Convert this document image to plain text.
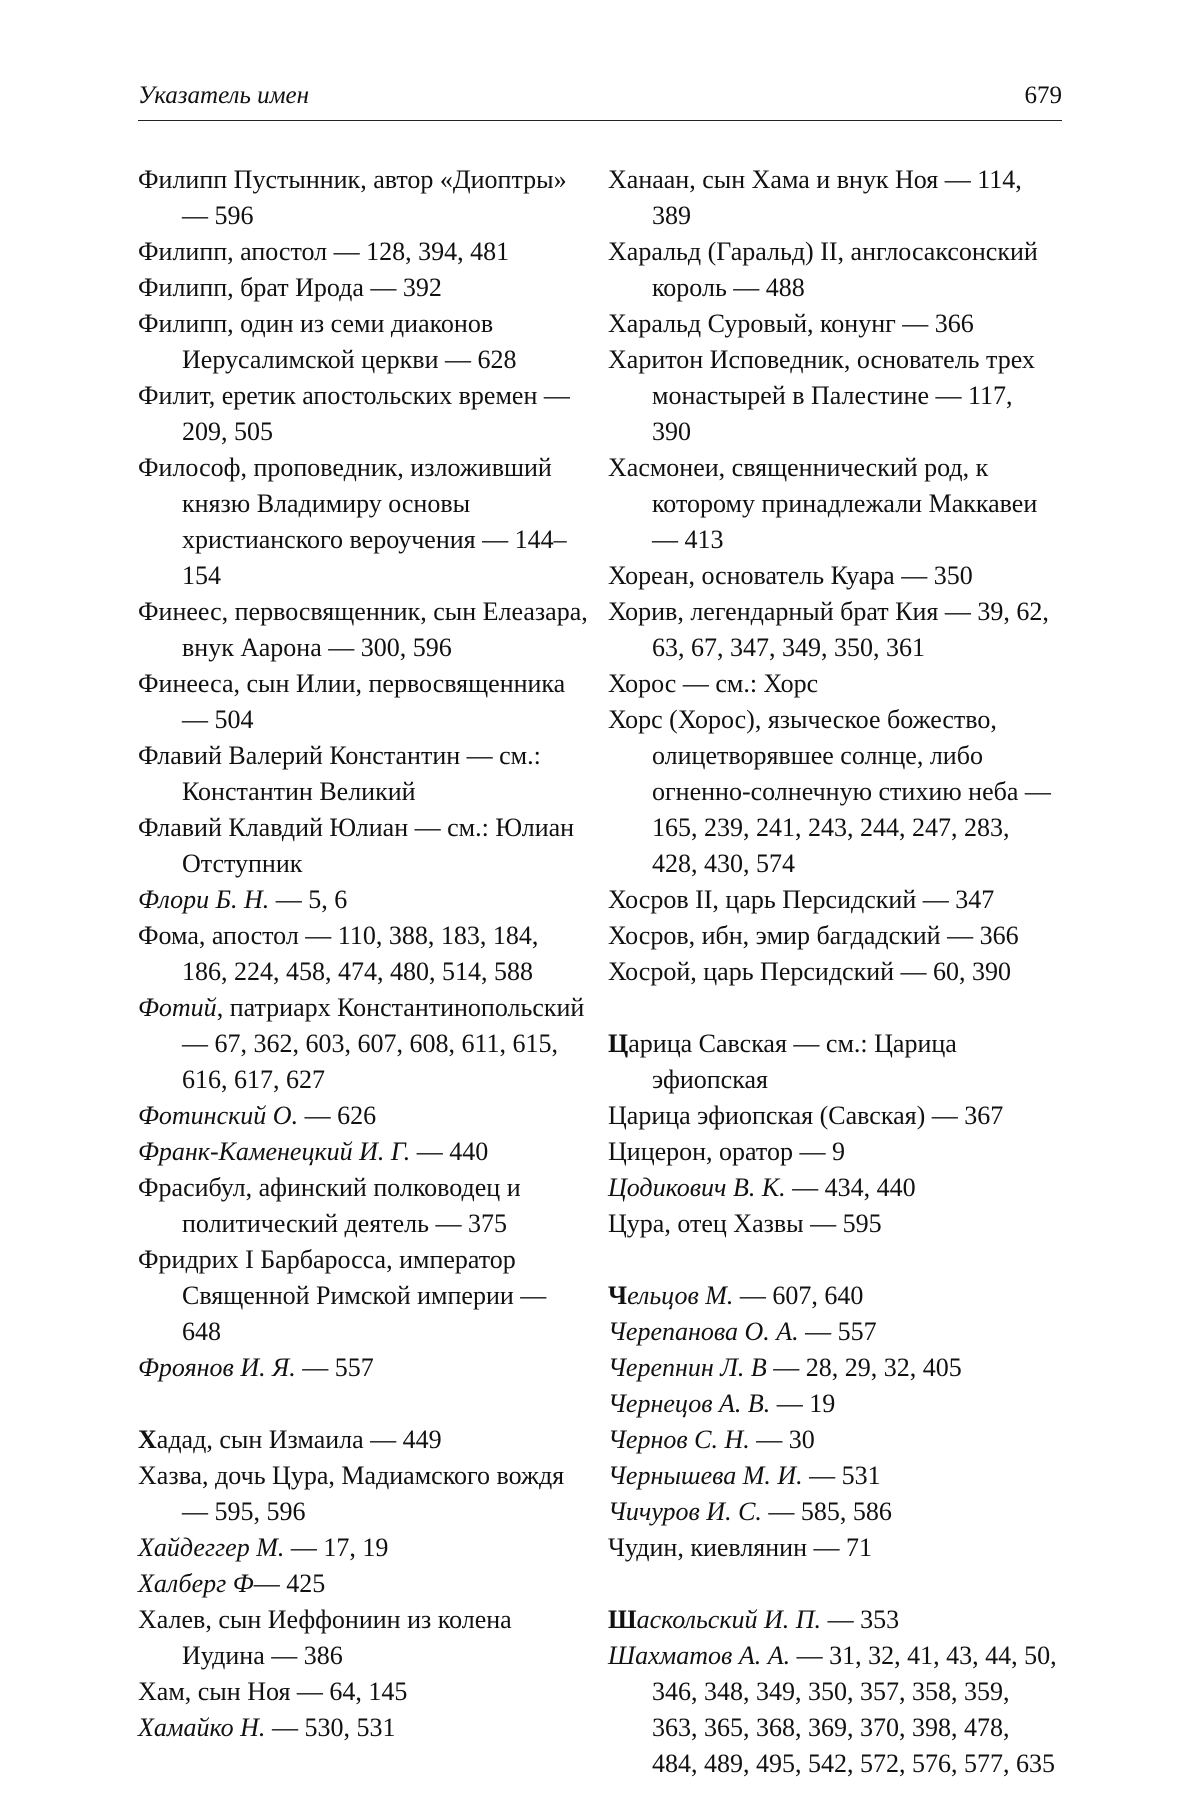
Указатель имен	679
Филипп Пустынник, автор «Диоптры» — 596
Филипп, апостол — 128, 394, 481
Филипп, брат Ирода — 392
Филипп, один из семи диаконов Иерусалимской церкви — 628
Филит, еретик апостольских времен — 209, 505
Философ, проповедник, изложивший князю Владимиру основы христианского вероучения — 144–154
Финеес, первосвященник, сын Елеазара, внук Аарона — 300, 596
Финееса, сын Илии, первосвященника — 504
Флавий Валерий Константин — см.: Константин Великий
Флавий Клавдий Юлиан — см.: Юлиан Отступник
Флори Б. Н. — 5, 6
Фома, апостол — 110, 388, 183, 184, 186, 224, 458, 474, 480, 514, 588
Фотий, патриарх Константинопольский — 67, 362, 603, 607, 608, 611, 615, 616, 617, 627
Фотинский О. — 626
Франк-Каменецкий И. Г. — 440
Фрасибул, афинский полководец и политический деятель — 375
Фридрих I Барбаросса, император Священной Римской империи — 648
Фроянов И. Я. — 557
Хадад, сын Измаила — 449
Хазва, дочь Цура, Мадиамского вождя — 595, 596
Хайдеггер М. — 17, 19
Халберг Ф— 425
Халев, сын Иеффониин из колена Иудина — 386
Хам, сын Ноя — 64, 145
Хамайко Н. — 530, 531
Ханаан, сын Хама и внук Ноя — 114, 389
Харальд (Гаральд) II, англосаксонский король — 488
Харальд Суровый, конунг — 366
Харитон Исповедник, основатель трех монастырей в Палестине — 117, 390
Хасмонеи, священнический род, к которому принадлежали Маккавеи — 413
Хореан, основатель Куара — 350
Хорив, легендарный брат Кия — 39, 62, 63, 67, 347, 349, 350, 361
Хорос — см.: Хорс
Хорс (Хорос), языческое божество, олицетворявшее солнце, либо огненно-солнечную стихию неба — 165, 239, 241, 243, 244, 247, 283, 428, 430, 574
Хосров II, царь Персидский — 347
Хосров, ибн, эмир багдадский — 366
Хосрой, царь Персидский — 60, 390
Царица Савская — см.: Царица эфиопская
Царица эфиопская (Савская) — 367
Цицерон, оратор — 9
Цодикович В. К. — 434, 440
Цура, отец Хазвы — 595
Чельцов М. — 607, 640
Черепанова О. А. — 557
Черепнин Л. В — 28, 29, 32, 405
Чернецов А. В. — 19
Чернов С. Н. — 30
Чернышева М. И. — 531
Чичуров И. С. — 585, 586
Чудин, киевлянин — 71
Шаскольский И. П. — 353
Шахматов А. А. — 31, 32, 41, 43, 44, 50, 346, 348, 349, 350, 357, 358, 359, 363, 365, 368, 369, 370, 398, 478, 484, 489, 495, 542, 572, 576, 577, 635
